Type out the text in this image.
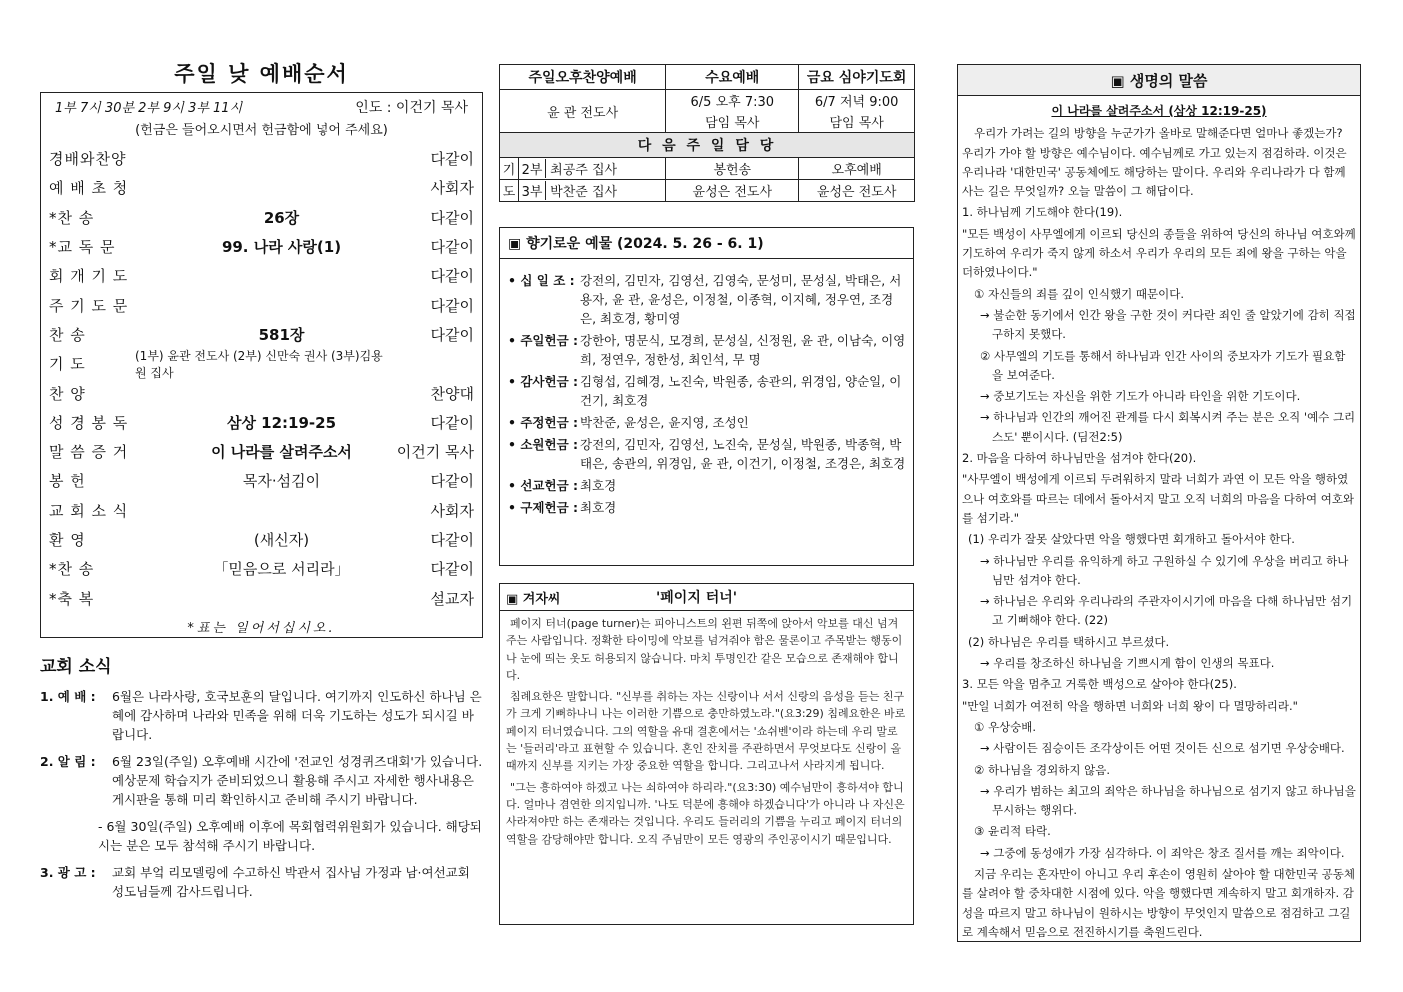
주일 낮 예배순서
1부 7시 30분 2부 9시 3부 11시	인도 : 이건기 목사
(헌금은 들어오시면서 헌금함에 넣어 주세요)
경배와찬양	다같이
예 배 초 청	사회자
*찬 송	26장	다같이
*교 독 문	99. 나라 사랑(1)	다같이
회 개 기 도	다같이
주 기 도 문	다같이
찬 송	581장	다같이
기 도	(1부) 윤관 전도사 (2부) 신만숙 권사 (3부)김용원 집사
찬 양	찬양대
성 경 봉 독	삼상 12:19-25	다같이
말 씀 증 거	이 나라를 살려주소서	이건기 목사
봉 헌	목자·섬김이	다같이
교 회 소 식	사회자
환 영	(새신자)	다같이
*찬 송	「믿음으로 서리라」	다같이
*축 복	설교자
*표는 일어서십시오.
교회 소식
1. 예 배 :	6월은 나라사랑, 호국보훈의 달입니다. 여기까지 인도하신 하나님 은혜에 감사하며 나라와 민족을 위해 더욱 기도하는 성도가 되시길 바랍니다.
2. 알 림 :	6월 23일(주일) 오후예배 시간에 '전교인 성경퀴즈대회'가 있습니다. 예상문제 학습지가 준비되었으니 활용해 주시고 자세한 행사내용은 게시판을 통해 미리 확인하시고 준비해 주시기 바랍니다.
- 6월 30일(주일) 오후예배 이후에 목회협력위원회가 있습니다. 해당되시는 분은 모두 참석해 주시기 바랍니다.
3. 광 고 :	교회 부엌 리모델링에 수고하신 박관서 집사님 가정과 남·여선교회 성도님들께 감사드립니다.
주일오후찬양예배		수요예배	금요 심야기도회
윤 관 전도사		6/5 오후 7:30	6/7 저녁 9:00
		담임 목사	담임 목사
다 음 주 일 담 당			
기	2부 최공주 집사	봉헌송	오후예배
도	3부 박찬준 집사	윤성은 전도사	윤성은 전도사
▣ 향기로운 예물 (2024. 5. 26 - 6. 1)
• 십 일 조 : 강전의, 김민자, 김영선, 김영숙, 문성미, 문성실, 박태은, 서용자, 윤 관, 윤성은, 이정철, 이종혁, 이지혜, 정우연, 조경은, 최호경, 황미영
• 주일헌금 : 강한아, 명문식, 모경희, 문성실, 신정원, 윤 관, 이남숙, 이영희, 정연우, 정한성, 최인석, 무 명
• 감사헌금 : 김형섭, 김혜경, 노진숙, 박원종, 송관의, 위경임, 양순일, 이건기, 최호경
• 주정헌금 : 박찬준, 윤성은, 윤지영, 조성인
• 소원헌금 : 강전의, 김민자, 김영선, 노진숙, 문성실, 박원종, 박종혁, 박태은, 송관의, 위경임, 윤 관, 이건기, 이정철, 조경은, 최호경
• 선교헌금 : 최호경
• 구제헌금 : 최호경
▣ 겨자씨	'페이지 터너'

페이지 터너(page turner)는 피아니스트의 왼편 뒤쪽에 앉아서 악보를 대신 넘겨주는 사람입니다. 정확한 타이밍에 악보를 넘겨줘야 함은 물론이고 주목받는 행동이나 눈에 띄는 옷도 허용되지 않습니다. 마치 투명인간 같은 모습으로 존재해야 합니다.

침례요한은 말합니다. "신부를 취하는 자는 신랑이나 서서 신랑의 음성을 듣는 친구가 크게 기뻐하나니 나는 이러한 기쁨으로 충만하였노라."(요3:29) 침례요한은 바로 페이지 터너였습니다. 그의 역할을 유대 결혼에서는 '쇼쉬벤'이라 하는데 우리 말로는 '들러리'라고 표현할 수 있습니다. 혼인 잔치를 주관하면서 무엇보다도 신랑이 올 때까지 신부를 지키는 가장 중요한 역할을 합니다. 그리고나서 사라지게 됩니다.

"그는 흥하여야 하겠고 나는 쇠하여야 하리라."(요3:30) 예수님만이 흥하셔야 합니다. 얼마나 겸연한 의지입니까. '나도 덕분에 흥해야 하겠습니다'가 아니라 나 자신은 사라져야만 하는 존재라는 것입니다. 우리도 들러리의 기쁨을 누리고 페이지 터너의 역할을 감당해야만 합니다. 오직 주님만이 모든 영광의 주인공이시기 때문입니다.

▣ 생명의 말씀
이 나라를 살려주소서 (삼상 12:19-25)

우리가 가려는 길의 방향을 누군가가 올바로 말해준다면 얼마나 좋겠는가? 우리가 가야 할 방향은 예수님이다. 예수님께로 가고 있는지 점검하라. 이것은 우리나라 '대한민국' 공동체에도 해당하는 말이다. 우리와 우리나라가 다 함께 사는 길은 무엇일까? 오늘 말씀이 그 해답이다.

1. 하나님께 기도해야 한다(19).

"모든 백성이 사무엘에게 이르되 당신의 종들을 위하여 당신의 하나님 여호와께 기도하여 우리가 죽지 않게 하소서 우리가 우리의 모든 죄에 왕을 구하는 악을 더하였나이다."

① 자신들의 죄를 깊이 인식했기 때문이다.

→ 불순한 동기에서 인간 왕을 구한 것이 커다란 죄인 줄 알았기에 감히 직접 구하지 못했다.

② 사무엘의 기도를 통해서 하나님과 인간 사이의 중보자가 기도가 필요함을 보여준다.

→ 중보기도는 자신을 위한 기도가 아니라 타인을 위한 기도이다.

→ 하나님과 인간의 깨어진 관계를 다시 회복시켜 주는 분은 오직 '예수 그리스도' 뿐이시다. (딤전2:5)

2. 마음을 다하여 하나님만을 섬겨야 한다(20).

"사무엘이 백성에게 이르되 두려워하지 말라 너희가 과연 이 모든 악을 행하였으나 여호와를 따르는 데에서 돌아서지 말고 오직 너희의 마음을 다하여 여호와를 섬기라."

(1) 우리가 잘못 살았다면 악을 행했다면 회개하고 돌아서야 한다.

→ 하나님만 우리를 유익하게 하고 구원하실 수 있기에 우상을 버리고 하나님만 섬겨야 한다.

→ 하나님은 우리와 우리나라의 주관자이시기에 마음을 다해 하나님만 섬기고 기뻐해야 한다. (22)

(2) 하나님은 우리를 택하시고 부르셨다.

→ 우리를 창조하신 하나님을 기쁘시게 함이 인생의 목표다.

3. 모든 악을 멈추고 거룩한 백성으로 살아야 한다(25).

"만일 너희가 여전히 악을 행하면 너희와 너희 왕이 다 멸망하리라."

① 우상숭배.

→ 사람이든 짐승이든 조각상이든 어떤 것이든 신으로 섬기면 우상숭배다.

② 하나님을 경외하지 않음.

→ 우리가 범하는 최고의 죄악은 하나님을 하나님으로 섬기지 않고 하나님을 무시하는 행위다.

③ 윤리적 타락.

→ 그중에 동성애가 가장 심각하다. 이 죄악은 창조 질서를 깨는 죄악이다.

지금 우리는 혼자만이 아니고 우리 후손이 영원히 살아야 할 대한민국 공동체를 살려야 할 중차대한 시점에 있다. 악을 행했다면 계속하지 말고 회개하자. 감성을 따르지 말고 하나님이 원하시는 방향이 무엇인지 말씀으로 점검하고 그길로 계속해서 믿음으로 전진하시기를 축원드린다.
